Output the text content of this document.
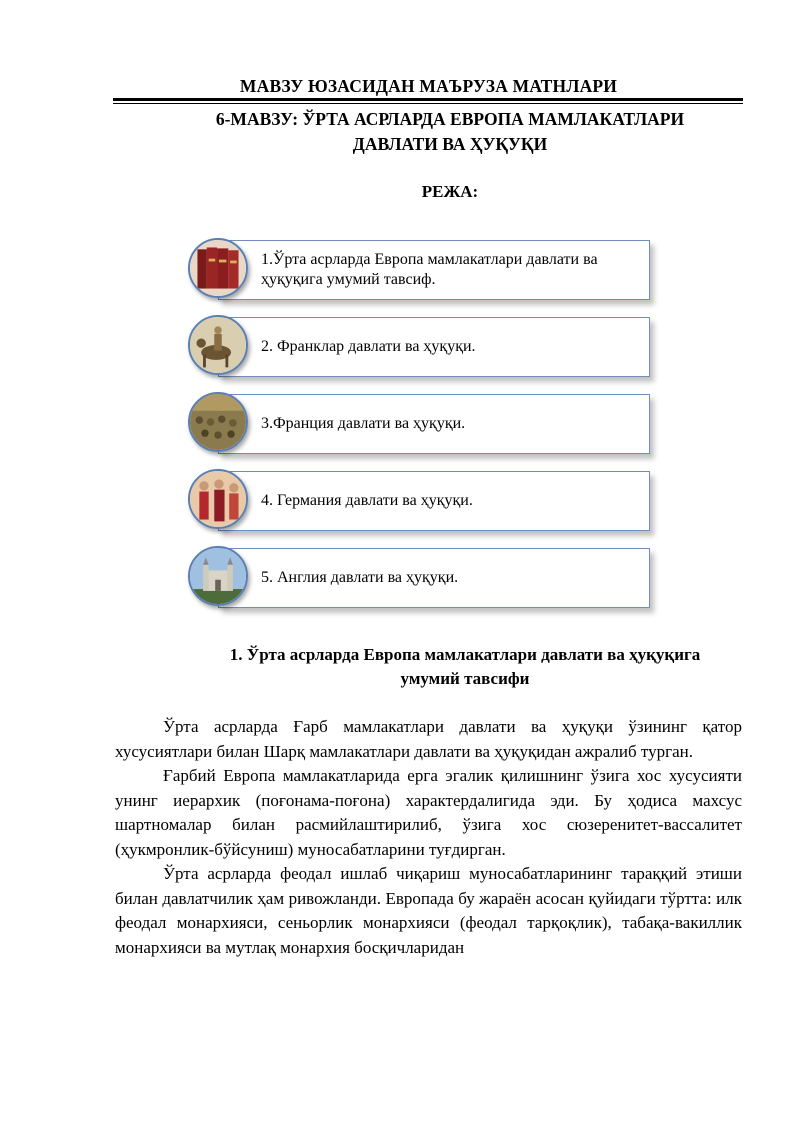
МАВЗУ ЮЗАСИДАН МАЪРУЗА МАТНЛАРИ
6-МАВЗУ: ЎРТА АСРЛАРДА ЕВРОПА МАМЛАКАТЛАРИ
ДАВЛАТИ ВА ҲУҚУҚИ
РЕЖА:
1.Ўрта асрларда Европа мамлакатлари давлати ва ҳуқуқига умумий тавсиф.
2. Франклар давлати ва ҳуқуқи.
3.Франция давлати ва ҳуқуқи.
4. Германия давлати ва ҳуқуқи.
5. Англия давлати ва ҳуқуқи.
1. Ўрта асрларда Европа мамлакатлари давлати ва ҳуқуқига
умумий тавсифи

Ўрта асрларда Ғарб мамлакатлари давлати ва ҳуқуқи ўзининг қатор хусусиятлари билан Шарқ мамлакатлари давлати ва ҳуқуқидан ажралиб турган.

Ғарбий Европа мамлакатларида ерга эгалик қилишнинг ўзига хос хусусияти унинг иерархик (поғонама-поғона) характердалигида эди. Бу ҳодиса махсус шартномалар билан расмийлаштирилиб, ўзига хос сюзеренитет-вассалитет (ҳукмронлик-бўйсуниш) муносабатларини туғдирган.

Ўрта асрларда феодал ишлаб чиқариш муносабатларининг тараққий этиши билан давлатчилик ҳам ривожланди. Европада бу жараён асосан қуйидаги тўртта: илк феодал монархияси, сеньорлик монархияси (феодал тарқоқлик), табақа-вакиллик монархияси ва мутлақ монархия босқичларидан
